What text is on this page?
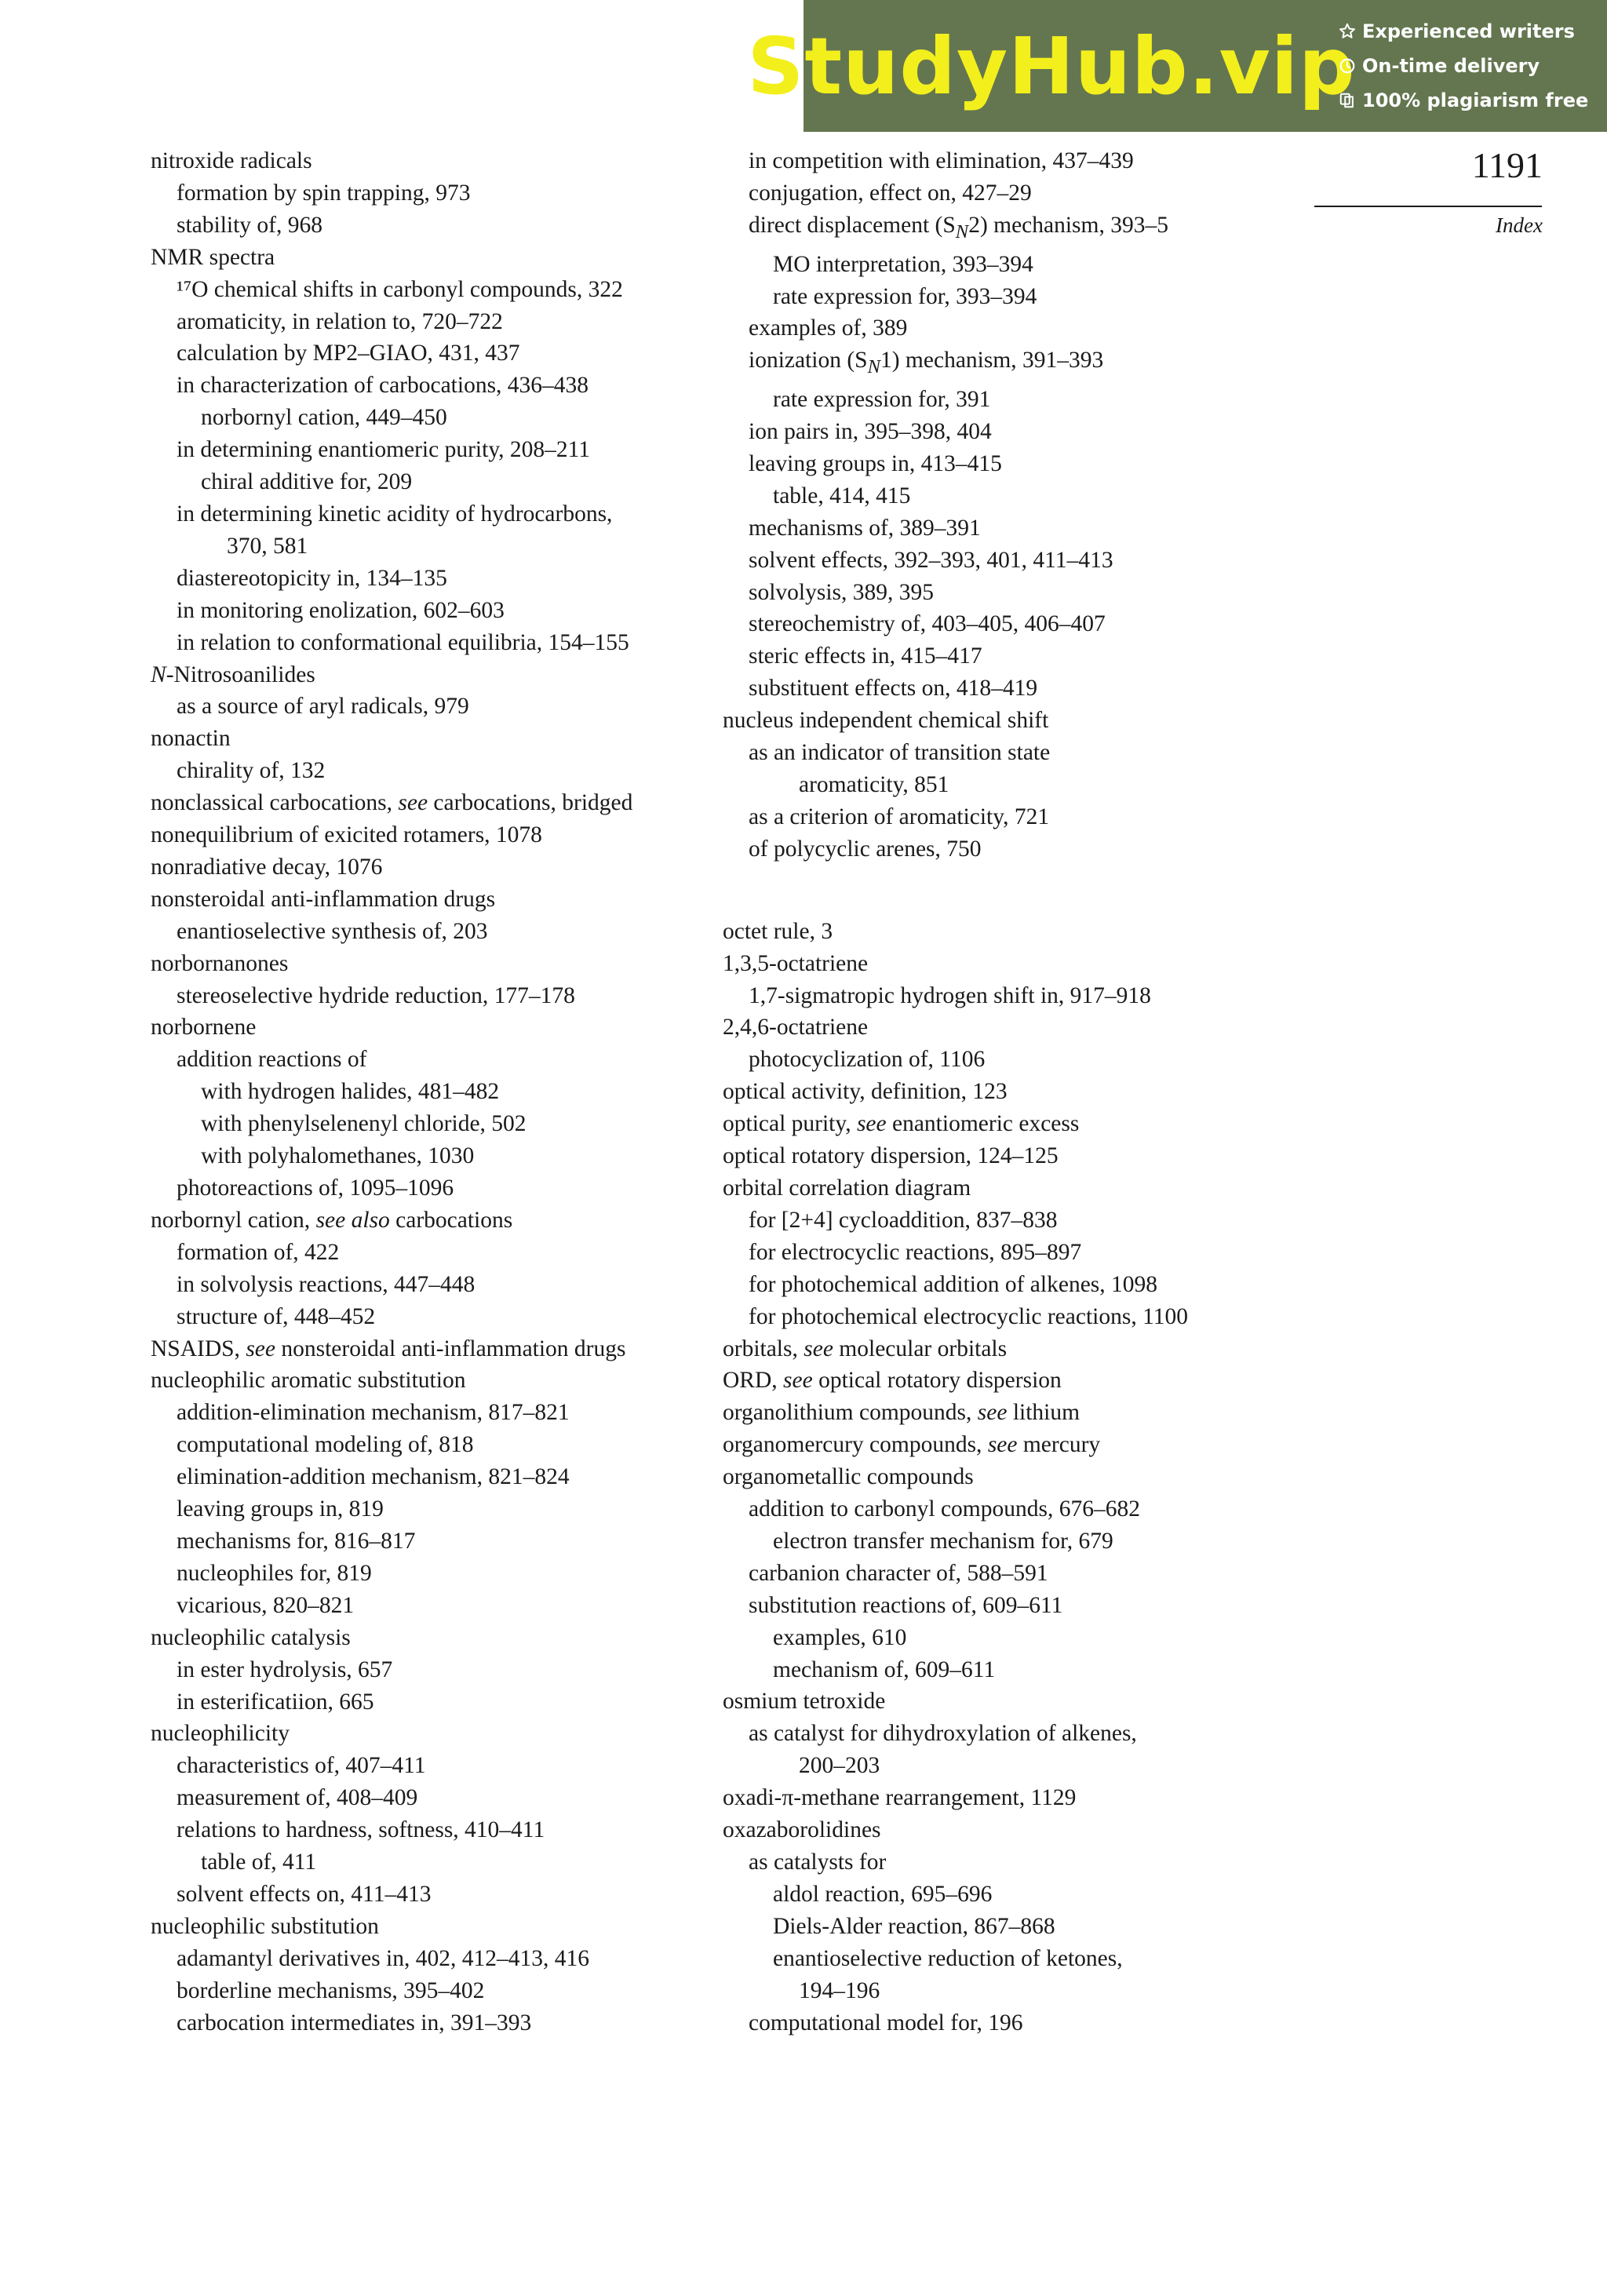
StudyHub.vip Experienced writers
On-time delivery
100% plagiarism free
1191
Index
nitroxide radicals
formation by spin trapping, 973
stability of, 968
NMR spectra
¹⁷O chemical shifts in carbonyl compounds, 322
aromaticity, in relation to, 720–722
calculation by MP2–GIAO, 431, 437
in characterization of carbocations, 436–438
norbornyl cation, 449–450
in determining enantiomeric purity, 208–211
chiral additive for, 209
in determining kinetic acidity of hydrocarbons,
370, 581
diastereotopicity in, 134–135
in monitoring enolization, 602–603
in relation to conformational equilibria, 154–155
N-Nitrosoanilides
as a source of aryl radicals, 979
nonactin
chirality of, 132
nonclassical carbocations, see carbocations, bridged
nonequilibrium of exicited rotamers, 1078
nonradiative decay, 1076
nonsteroidal anti-inflammation drugs
enantioselective synthesis of, 203
norbornanones
stereoselective hydride reduction, 177–178
norbornene
addition reactions of
with hydrogen halides, 481–482
with phenylselenenyl chloride, 502
with polyhalomethanes, 1030
photoreactions of, 1095–1096
norbornyl cation, see also carbocations
formation of, 422
in solvolysis reactions, 447–448
structure of, 448–452
NSAIDS, see nonsteroidal anti-inflammation drugs
nucleophilic aromatic substitution
addition-elimination mechanism, 817–821
computational modeling of, 818
elimination-addition mechanism, 821–824
leaving groups in, 819
mechanisms for, 816–817
nucleophiles for, 819
vicarious, 820–821
nucleophilic catalysis
in ester hydrolysis, 657
in esterificatiion, 665
nucleophilicity
characteristics of, 407–411
measurement of, 408–409
relations to hardness, softness, 410–411
table of, 411
solvent effects on, 411–413
nucleophilic substitution
adamantyl derivatives in, 402, 412–413, 416
borderline mechanisms, 395–402
carbocation intermediates in, 391–393
in competition with elimination, 437–439
conjugation, effect on, 427–29
direct displacement $(S_N2)$ mechanism, 393–5
MO interpretation, 393–394
rate expression for, 393–394
examples of, 389
ionization $(S_N1)$ mechanism, 391–393
rate expression for, 391
ion pairs in, 395–398, 404
leaving groups in, 413–415
table, 414, 415
mechanisms of, 389–391
solvent effects, 392–393, 401, 411–413
solvolysis, 389, 395
stereochemistry of, 403–405, 406–407
steric effects in, 415–417
substituent effects on, 418–419
nucleus independent chemical shift
as an indicator of transition state
aromaticity, 851
as a criterion of aromaticity, 721
of polycyclic arenes, 750
octet rule, 3
1,3,5-octatriene
1,7-sigmatropic hydrogen shift in, 917–918
2,4,6-octatriene
photocyclization of, 1106
optical activity, definition, 123
optical purity, see enantiomeric excess
optical rotatory dispersion, 124–125
orbital correlation diagram
for [2+4] cycloaddition, 837–838
for electrocyclic reactions, 895–897
for photochemical addition of alkenes, 1098
for photochemical electrocyclic reactions, 1100
orbitals, see molecular orbitals
ORD, see optical rotatory dispersion
organolithium compounds, see lithium
organomercury compounds, see mercury
organometallic compounds
addition to carbonyl compounds, 676–682
electron transfer mechanism for, 679
carbanion character of, 588–591
substitution reactions of, 609–611
examples, 610
mechanism of, 609–611
osmium tetroxide
as catalyst for dihydroxylation of alkenes,
200–203
oxadi-π-methane rearrangement, 1129
oxazaborolidines
as catalysts for
aldol reaction, 695–696
Diels-Alder reaction, 867–868
enantioselective reduction of ketones,
194–196
computational model for, 196
